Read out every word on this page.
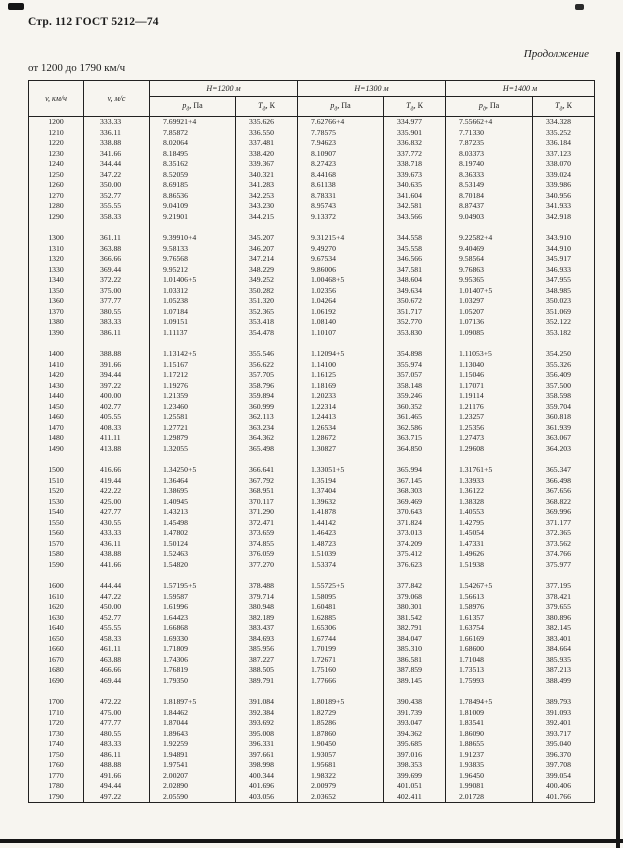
Стр. 112 ГОСТ 5212—74
Продолжение
от 1200 до 1790 км/ч
v, км/ч	v, м/с	Н=1200 м		Н=1300 м		Н=1400 м	
		$р_д$, Па	$Т_д$, К	$р_д$, Па	$Т_д$, К	$р_д$, Па	$Т_д$, К
1200	333.33	7.69921+4	335.626	7.62766+4	334.977	7.55662+4	334.328
1210	336.11	7.85872	336.550	7.78575	335.901	7.71330	335.252
1220	338.88	8.02064	337.481	7.94623	336.832	7.87235	336.184
1230	341.66	8.18495	338.420	8.10907	337.772	8.03373	337.123
1240	344.44	8.35162	339.367	8.27423	338.718	8.19740	338.070
1250	347.22	8.52059	340.321	8.44168	339.673	8.36333	339.024
1260	350.00	8.69185	341.283	8.61138	340.635	8.53149	339.986
1270	352.77	8.86536	342.253	8.78331	341.604	8.70184	340.956
1280	355.55	9.04109	343.230	8.95743	342.581	8.87437	341.933
1290	358.33	9.21901	344.215	9.13372	343.566	9.04903	342.918

1300	361.11	9.39910+4	345.207	9.31215+4	344.558	9.22582+4	343.910
1310	363.88	9.58133	346.207	9.49270	345.558	9.40469	344.910
1320	366.66	9.76568	347.214	9.67534	346.566	9.58564	345.917
1330	369.44	9.95212	348.229	9.86006	347.581	9.76863	346.933
1340	372.22	1.01406+5	349.252	1.00468+5	348.604	9.95365	347.955
1350	375.00	1.03312	350.282	1.02356	349.634	1.01407+5	348.985
1360	377.77	1.05238	351.320	1.04264	350.672	1.03297	350.023
1370	380.55	1.07184	352.365	1.06192	351.717	1.05207	351.069
1380	383.33	1.09151	353.418	1.08140	352.770	1.07136	352.122
1390	386.11	1.11137	354.478	1.10107	353.830	1.09085	353.182

1400	388.88	1.13142+5	355.546	1.12094+5	354.898	1.11053+5	354.250
1410	391.66	1.15167	356.622	1.14100	355.974	1.13040	355.326
1420	394.44	1.17212	357.705	1.16125	357.057	1.15046	356.409
1430	397.22	1.19276	358.796	1.18169	358.148	1.17071	357.500
1440	400.00	1.21359	359.894	1.20233	359.246	1.19114	358.598
1450	402.77	1.23460	360.999	1.22314	360.352	1.21176	359.704
1460	405.55	1.25581	362.113	1.24413	361.465	1.23257	360.818
1470	408.33	1.27721	363.234	1.26534	362.586	1.25356	361.939
1480	411.11	1.29879	364.362	1.28672	363.715	1.27473	363.067
1490	413.88	1.32055	365.498	1.30827	364.850	1.29608	364.203

1500	416.66	1.34250+5	366.641	1.33051+5	365.994	1.31761+5	365.347
1510	419.44	1.36464	367.792	1.35194	367.145	1.33933	366.498
1520	422.22	1.38695	368.951	1.37404	368.303	1.36122	367.656
1530	425.00	1.40945	370.117	1.39632	369.469	1.38328	368.822
1540	427.77	1.43213	371.290	1.41878	370.643	1.40553	369.996
1550	430.55	1.45498	372.471	1.44142	371.824	1.42795	371.177
1560	433.33	1.47802	373.659	1.46423	373.013	1.45054	372.365
1570	436.11	1.50124	374.855	1.48723	374.209	1.47331	373.562
1580	438.88	1.52463	376.059	1.51039	375.412	1.49626	374.766
1590	441.66	1.54820	377.270	1.53374	376.623	1.51938	375.977

1600	444.44	1.57195+5	378.488	1.55725+5	377.842	1.54267+5	377.195
1610	447.22	1.59587	379.714	1.58095	379.068	1.56613	378.421
1620	450.00	1.61996	380.948	1.60481	380.301	1.58976	379.655
1630	452.77	1.64423	382.189	1.62885	381.542	1.61357	380.896
1640	455.55	1.66868	383.437	1.65306	382.791	1.63754	382.145
1650	458.33	1.69330	384.693	1.67744	384.047	1.66169	383.401
1660	461.11	1.71809	385.956	1.70199	385.310	1.68600	384.664
1670	463.88	1.74306	387.227	1.72671	386.581	1.71048	385.935
1680	466.66	1.76819	388.505	1.75160	387.859	1.73513	387.213
1690	469.44	1.79350	389.791	1.77666	389.145	1.75993	388.499

1700	472.22	1.81897+5	391.084	1.80189+5	390.438	1.78494+5	389.793
1710	475.00	1.84462	392.384	1.82729	391.739	1.81009	391.093
1720	477.77	1.87044	393.692	1.85286	393.047	1.83541	392.401
1730	480.55	1.89643	395.008	1.87860	394.362	1.86090	393.717
1740	483.33	1.92259	396.331	1.90450	395.685	1.88655	395.040
1750	486.11	1.94891	397.661	1.93057	397.016	1.91237	396.370
1760	488.88	1.97541	398.998	1.95681	398.353	1.93835	397.708
1770	491.66	2.00207	400.344	1.98322	399.699	1.96450	399.054
1780	494.44	2.02890	401.696	2.00979	401.051	1.99081	400.406
1790	497.22	2.05590	403.056	2.03652	402.411	2.01728	401.766
